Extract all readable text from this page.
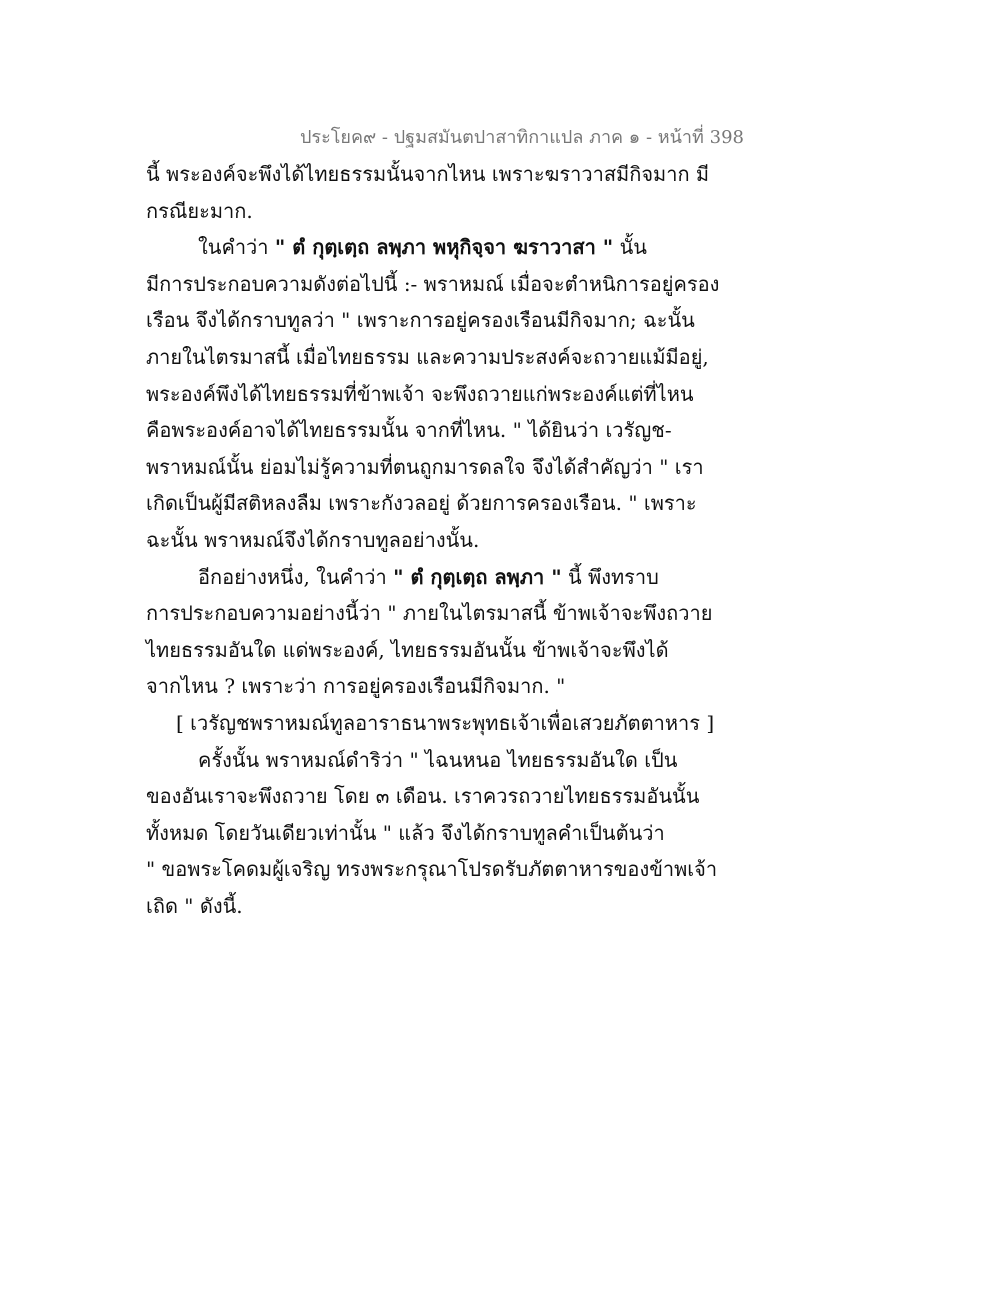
ประโยค๙ - ปฐมสมันตปาสาทิกาแปล ภาค ๑ - หน้าที่ 398
นี้ พระองค์จะพึงได้ไทยธรรมนั้นจากไหน เพราะฆราวาสมีกิจมาก มี
กรณียะมาก.
ในคำว่า " ตํ กุตฺเตฺถ ลพฺภา พหุกิจฺจา ฆราวาสา " นั้น
มีการประกอบความดังต่อไปนี้ :- พราหมณ์ เมื่อจะตำหนิการอยู่ครอง
เรือน จึงได้กราบทูลว่า " เพราะการอยู่ครองเรือนมีกิจมาก; ฉะนั้น
ภายในไตรมาสนี้ เมื่อไทยธรรม และความประสงค์จะถวายแม้มีอยู่,
พระองค์พึงได้ไทยธรรมที่ข้าพเจ้า จะพึงถวายแก่พระองค์แต่ที่ไหน
คือพระองค์อาจได้ไทยธรรมนั้น จากที่ไหน. " ได้ยินว่า เวรัญช-
พราหมณ์นั้น ย่อมไม่รู้ความที่ตนถูกมารดลใจ จึงได้สำคัญว่า " เรา
เกิดเป็นผู้มีสติหลงลืม เพราะกังวลอยู่ ด้วยการครองเรือน. " เพราะ
ฉะนั้น พราหมณ์จึงได้กราบทูลอย่างนั้น.
อีกอย่างหนึ่ง, ในคำว่า " ตํ กุตฺเตฺถ ลพฺภา " นี้ พึงทราบ
การประกอบความอย่างนี้ว่า " ภายในไตรมาสนี้ ข้าพเจ้าจะพึงถวาย
ไทยธรรมอันใด แด่พระองค์, ไทยธรรมอันนั้น ข้าพเจ้าจะพึงได้
จากไหน ? เพราะว่า การอยู่ครองเรือนมีกิจมาก. "
[ เวรัญชพราหมณ์ทูลอาราธนาพระพุทธเจ้าเพื่อเสวยภัตตาหาร ]
ครั้งนั้น พราหมณ์ดำริว่า " ไฉนหนอ ไทยธรรมอันใด เป็น
ของอันเราจะพึงถวาย โดย ๓ เดือน. เราควรถวายไทยธรรมอันนั้น
ทั้งหมด โดยวันเดียวเท่านั้น " แล้ว จึงได้กราบทูลคำเป็นต้นว่า
" ขอพระโคดมผู้เจริญ ทรงพระกรุณาโปรดรับภัตตาหารของข้าพเจ้า
เถิด " ดังนี้.
